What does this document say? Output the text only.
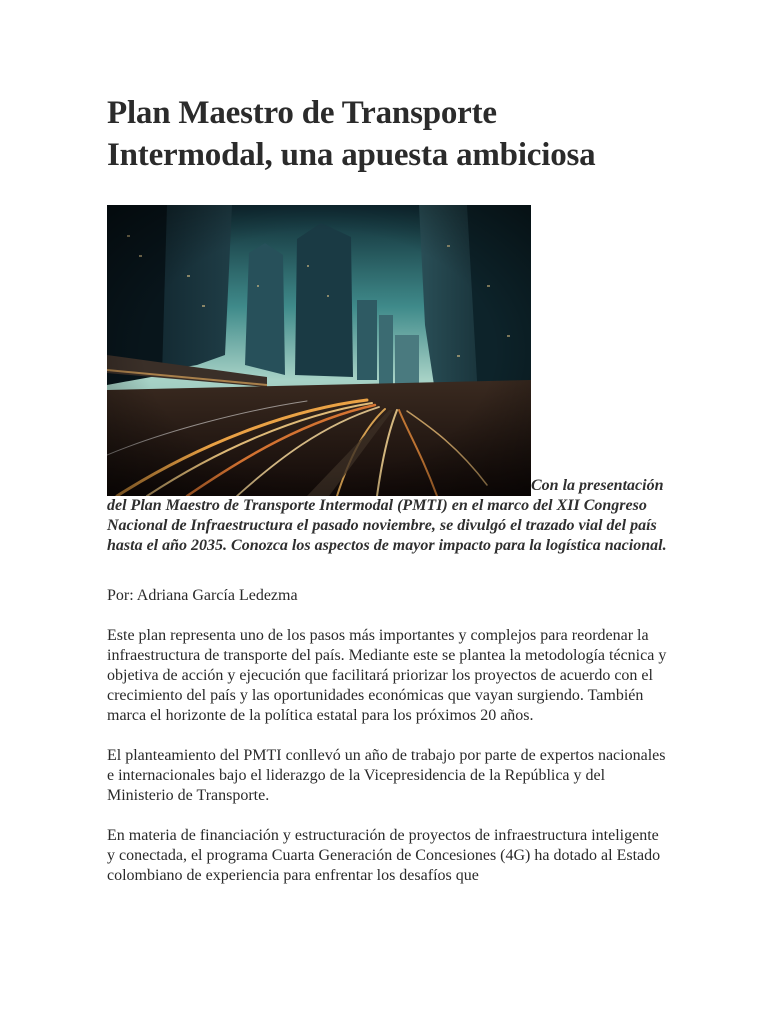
Plan Maestro de Transporte Intermodal, una apuesta ambiciosa
Con la presentación del Plan Maestro de Transporte Intermodal (PMTI) en el marco del XII Congreso Nacional de Infraestructura el pasado noviembre, se divulgó el trazado vial del país hasta el año 2035. Conozca los aspectos de mayor impacto para la logística nacional.

Por: Adriana García Ledezma

Este plan representa uno de los pasos más importantes y complejos para reordenar la infraestructura de transporte del país. Mediante este se plantea la metodología técnica y objetiva de acción y ejecución que facilitará priorizar los proyectos de acuerdo con el crecimiento del país y las oportunidades económicas que vayan surgiendo. También marca el horizonte de la política estatal para los próximos 20 años.

El planteamiento del PMTI conllevó un año de trabajo por parte de expertos nacionales e internacionales bajo el liderazgo de la Vicepresidencia de la República y del Ministerio de Transporte.

En materia de financiación y estructuración de proyectos de infraestructura inteligente y conectada, el programa Cuarta Generación de Concesiones (4G) ha dotado al Estado colombiano de experiencia para enfrentar los desafíos que
